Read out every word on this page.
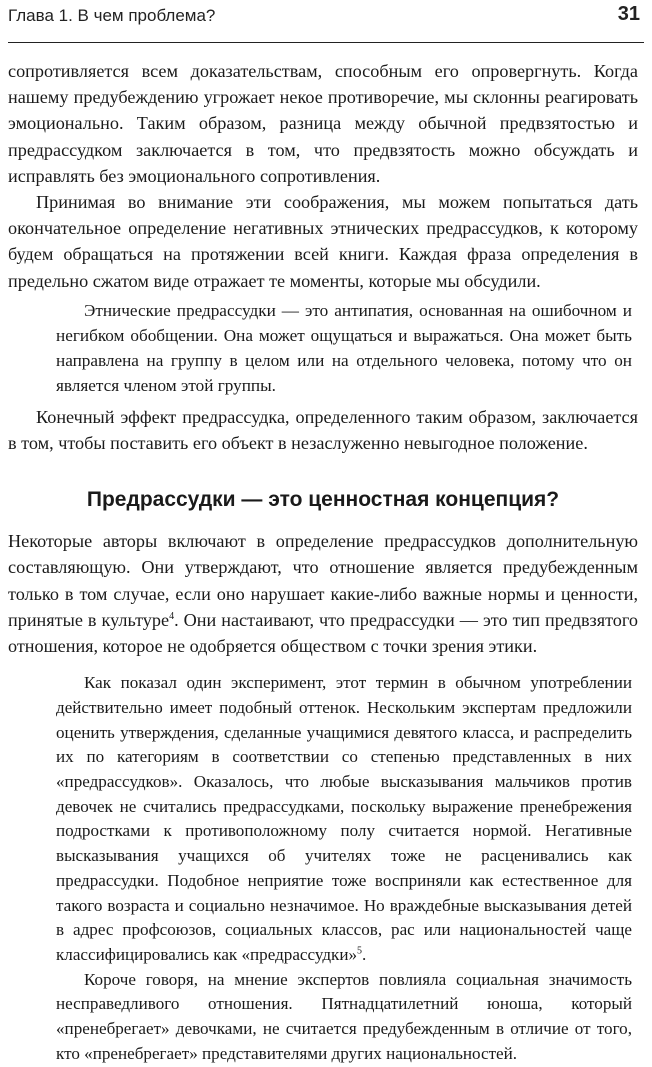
Глава 1. В чем проблема?	31

сопротивляется всем доказательствам, способным его опровергнуть. Когда нашему предубеждению угрожает некое противоречие, мы склонны реагировать эмоционально. Таким образом, разница между обычной предвзятостью и предрассудком заключается в том, что предвзятость можно обсуждать и исправлять без эмоционального сопротивления.

Принимая во внимание эти соображения, мы можем попытаться дать окончательное определение негативных этнических предрассудков, к которому будем обращаться на протяжении всей книги. Каждая фраза определения в предельно сжатом виде отражает те моменты, которые мы обсудили.

Этнические предрассудки — это антипатия, основанная на ошибочном и негибком обобщении. Она может ощущаться и выражаться. Она может быть направлена на группу в целом или на отдельного человека, потому что он является членом этой группы.

Конечный эффект предрассудка, определенного таким образом, заключается в том, чтобы поставить его объект в незаслуженно невыгодное положение.

Предрассудки — это ценностная концепция?

Некоторые авторы включают в определение предрассудков дополнительную составляющую. Они утверждают, что отношение является предубежденным только в том случае, если оно нарушает какие-либо важные нормы и ценности, принятые в культуре$^4$. Они настаивают, что предрассудки — это тип предвзятого отношения, которое не одобряется обществом с точки зрения этики.

Как показал один эксперимент, этот термин в обычном употреблении действительно имеет подобный оттенок. Нескольким экспертам предложили оценить утверждения, сделанные учащимися девятого класса, и распределить их по категориям в соответствии со степенью представленных в них «предрассудков». Оказалось, что любые высказывания мальчиков против девочек не считались предрассудками, поскольку выражение пренебрежения подростками к противоположному полу считается нормой. Негативные высказывания учащихся об учителях тоже не расценивались как предрассудки. Подобное неприятие тоже восприняли как естественное для такого возраста и социально незначимое. Но враждебные высказывания детей в адрес профсоюзов, социальных классов, рас или национальностей чаще классифицировались как «предрассудки»$^5$.

Короче говоря, на мнение экспертов повлияла социальная значимость несправедливого отношения. Пятнадцатилетний юноша, который «пренебрегает» девочками, не считается предубежденным в отличие от того, кто «пренебрегает» представителями других национальностей.
